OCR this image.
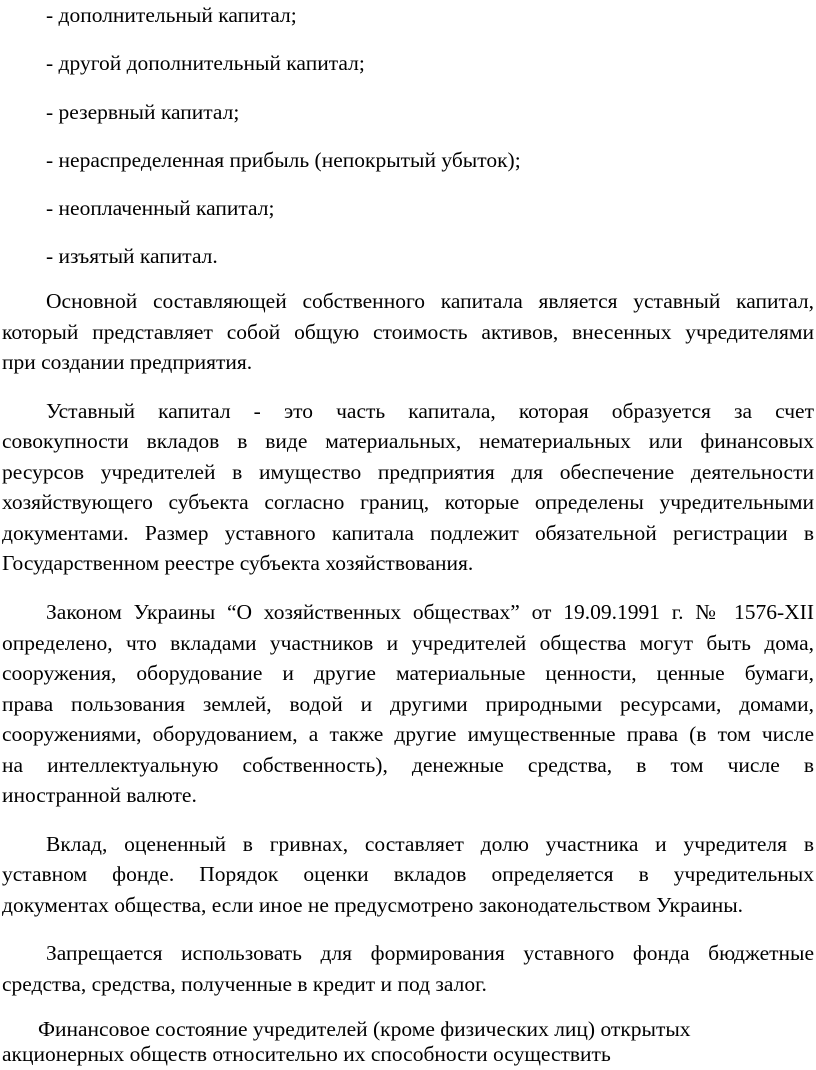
- дополнительный капитал;
- другой дополнительный капитал;
- резервный капитал;
- нераспределенная прибыль (непокрытый убыток);
- неоплаченный капитал;
- изъятый капитал.
Основной составляющей собственного капитала является уставный капитал,
который представляет собой общую стоимость активов, внесенных учредителями
при создании предприятия.
Уставный капитал - это часть капитала, которая образуется за счет
совокупности вкладов в виде материальных, нематериальных или финансовых
ресурсов учредителей в имущество предприятия для обеспечение деятельности
хозяйствующего субъекта согласно границ, которые определены учредительными
документами. Размер уставного капитала подлежит обязательной регистрации в
Государственном реестре субъекта хозяйствования.
Законом Украины “О хозяйственных обществах” от 19.09.1991 г. № 1576-XII
определено, что вкладами участников и учредителей общества могут быть дома,
сооружения, оборудование и другие материальные ценности, ценные бумаги,
права пользования землей, водой и другими природными ресурсами, домами,
сооружениями, оборудованием, а также другие имущественные права (в том числе
на интеллектуальную собственность), денежные средства, в том числе в
иностранной валюте.
Вклад, оцененный в гривнах, составляет долю участника и учредителя в
уставном фонде. Порядок оценки вкладов определяется в учредительных
документах общества, если иное не предусмотрено законодательством Украины.
Запрещается использовать для формирования уставного фонда бюджетные
средства, средства, полученные в кредит и под залог.
Финансовое состояние учредителей (кроме физических лиц) открытых
акционерных обществ относительно их способности осуществить
